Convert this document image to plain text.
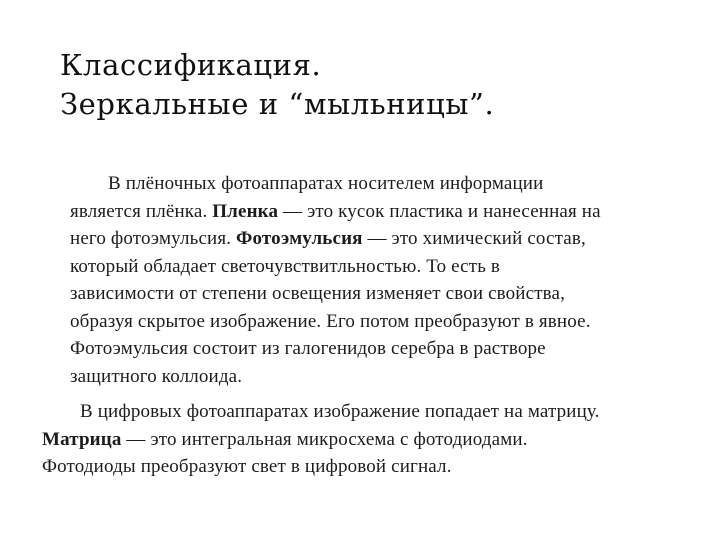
Классификация.
Зеркальные и “мыльницы”.
В плёночных фотоаппаратах носителем информации
является плёнка. Пленка — это кусок пластика и нанесенная на
него фотоэмульсия. Фотоэмульсия — это химический состав,
который обладает светочувствитльностью. То есть в
зависимости от степени освещения изменяет свои свойства,
образуя скрытое изображение. Его потом преобразуют в явное.
Фотоэмульсия состоит из галогенидов серебра в растворе
защитного коллоида.
В цифровых фотоаппаратах изображение попадает на матрицу.
Матрица — это интегральная микросхема с фотодиодами.
Фотодиоды преобразуют свет в цифровой сигнал.
